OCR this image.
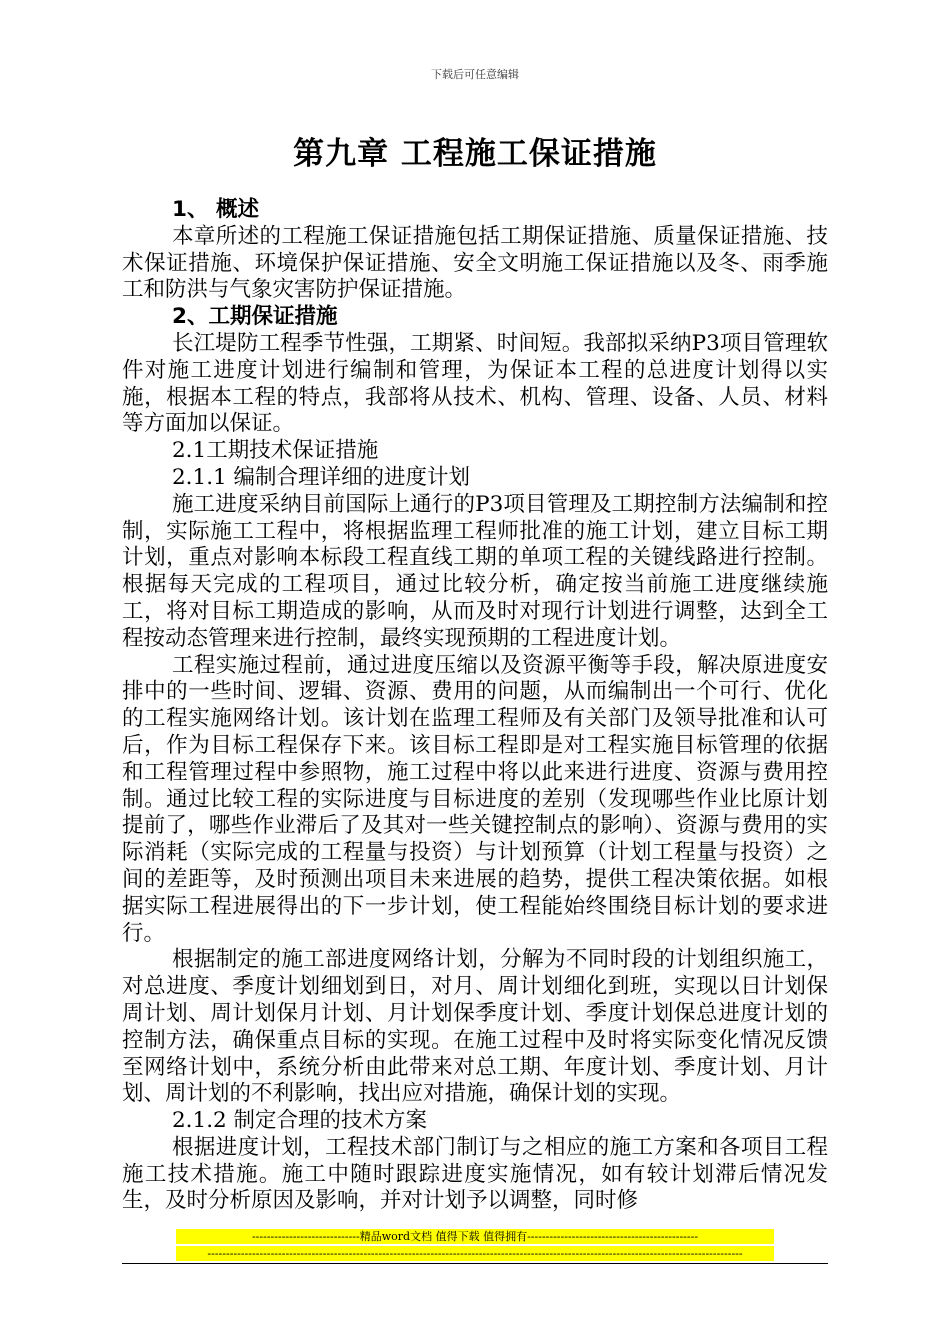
下载后可任意编辑
第九章 工程施工保证措施

1、 概述

本章所述的工程施工保证措施包括工期保证措施、质量保证措施、技术保证措施、环境保护保证措施、安全文明施工保证措施以及冬、雨季施工和防洪与气象灾害防护保证措施。

2、工期保证措施

长江堤防工程季节性强，工期紧、时间短。我部拟采纳P3项目管理软件对施工进度计划进行编制和管理，为保证本工程的总进度计划得以实施，根据本工程的特点，我部将从技术、机构、管理、设备、人员、材料等方面加以保证。

2.1工期技术保证措施

2.1.1 编制合理详细的进度计划

施工进度采纳目前国际上通行的P3项目管理及工期控制方法编制和控制，实际施工工程中，将根据监理工程师批准的施工计划，建立目标工期计划，重点对影响本标段工程直线工期的单项工程的关键线路进行控制。根据每天完成的工程项目，通过比较分析，确定按当前施工进度继续施工，将对目标工期造成的影响，从而及时对现行计划进行调整，达到全工程按动态管理来进行控制，最终实现预期的工程进度计划。

工程实施过程前，通过进度压缩以及资源平衡等手段，解决原进度安排中的一些时间、逻辑、资源、费用的问题，从而编制出一个可行、优化的工程实施网络计划。该计划在监理工程师及有关部门及领导批准和认可后，作为目标工程保存下来。该目标工程即是对工程实施目标管理的依据和工程管理过程中参照物，施工过程中将以此来进行进度、资源与费用控制。通过比较工程的实际进度与目标进度的差别（发现哪些作业比原计划提前了，哪些作业滞后了及其对一些关键控制点的影响）、资源与费用的实际消耗（实际完成的工程量与投资）与计划预算（计划工程量与投资）之间的差距等，及时预测出项目未来进展的趋势，提供工程决策依据。如根据实际工程进展得出的下一步计划，使工程能始终围绕目标计划的要求进行。

根据制定的施工部进度网络计划，分解为不同时段的计划组织施工，对总进度、季度计划细划到日，对月、周计划细化到班，实现以日计划保周计划、周计划保月计划、月计划保季度计划、季度计划保总进度计划的控制方法，确保重点目标的实现。在施工过程中及时将实际变化情况反馈至网络计划中，系统分析由此带来对总工期、年度计划、季度计划、月计划、周计划的不利影响，找出应对措施，确保计划的实现。

2.1.2 制定合理的技术方案

根据进度计划，工程技术部门制订与之相应的施工方案和各项目工程施工技术措施。施工中随时跟踪进度实施情况，如有较计划滞后情况发生，及时分析原因及影响，并对计划予以调整，同时修

-----------------------------精品word文档 值得下载 值得拥有----------------------------------------------
------------------------------------------------------------------------------------------------------------------------------------------------
